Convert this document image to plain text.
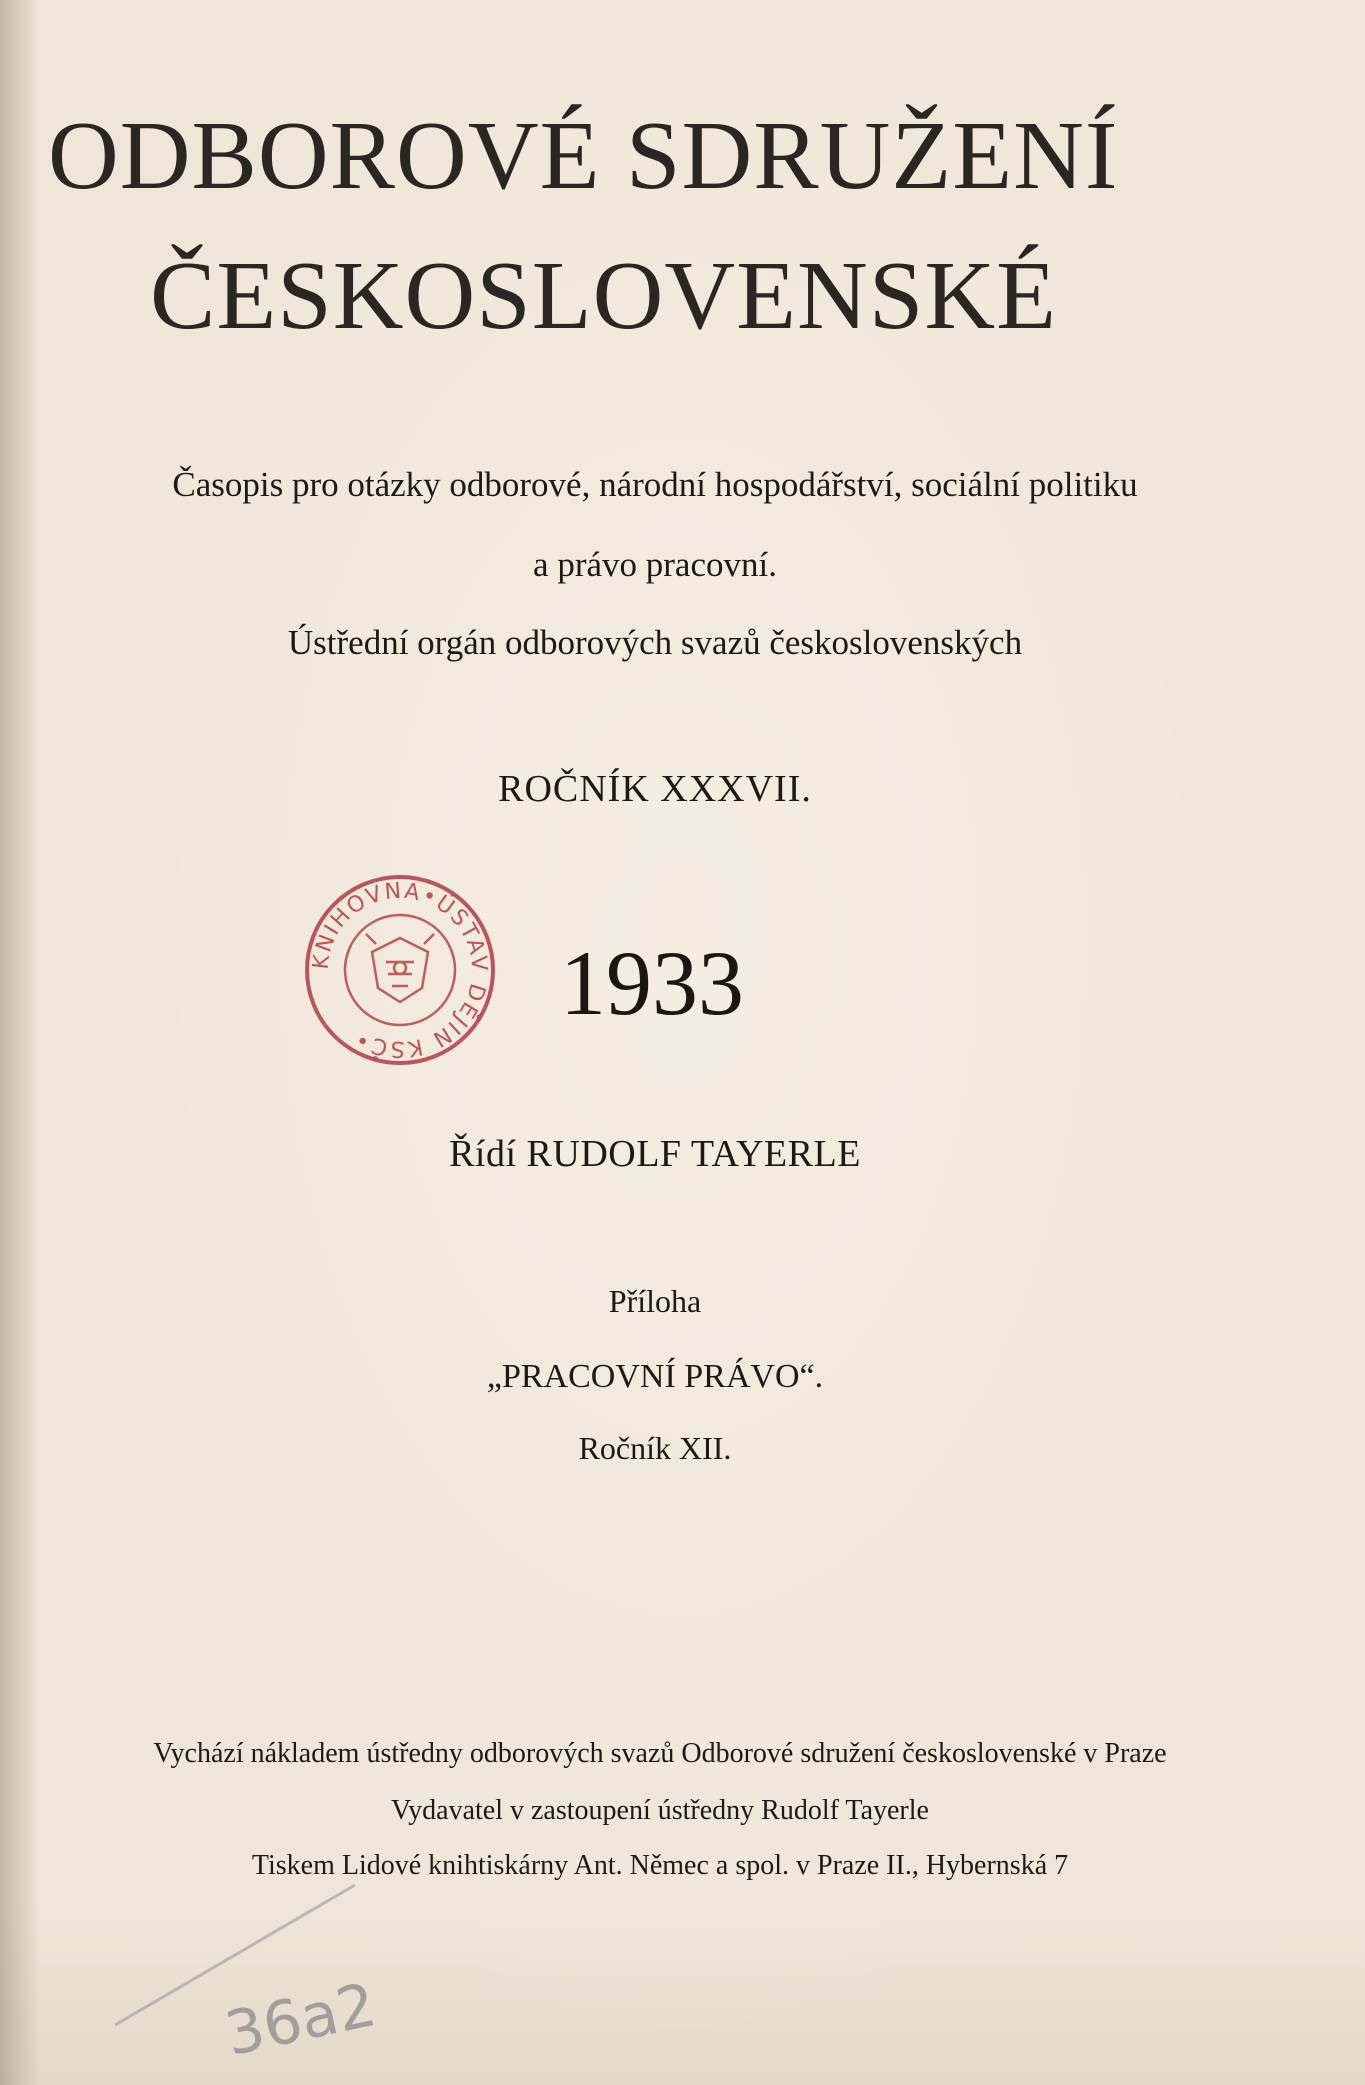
ODBOROVÉ SDRUŽENÍ
ČESKOSLOVENSKÉ
Časopis pro otázky odborové, národní hospodářství, sociální politiku
a právo pracovní.
Ústřední orgán odborových svazů československých
ROČNÍK XXXVII.
KNIHOVNA•ÚSTAV DĚJIN KSČ•
1933
Řídí RUDOLF TAYERLE
Příloha
„PRACOVNÍ PRÁVO“.
Ročník XII.
Vychází nákladem ústředny odborových svazů Odborové sdružení československé v Praze
Vydavatel v zastoupení ústředny Rudolf Tayerle
Tiskem Lidové knihtiskárny Ant. Němec a spol. v Praze II., Hybernská 7
36a2
